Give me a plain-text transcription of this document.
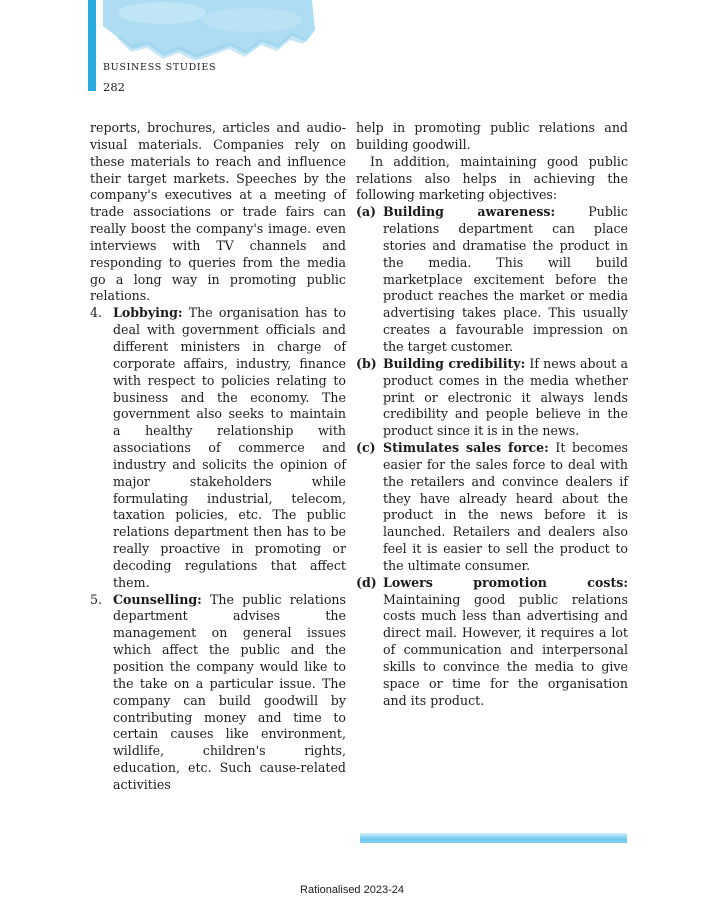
BUSINESS STUDIES
282

reports, brochures, articles and audio-visual materials. Companies rely on these materials to reach and influence their target markets. Speeches by the company's executives at a meeting of trade associations or trade fairs can really boost the company's image. even interviews with TV channels and responding to queries from the media go a long way in promoting public relations.

4. Lobbying: The organisation has to deal with government officials and different ministers in charge of corporate affairs, industry, finance with respect to policies relating to business and the economy. The government also seeks to maintain a healthy relationship with associations of commerce and industry and solicits the opinion of major stakeholders while formulating industrial, telecom, taxation policies, etc. The public relations department then has to be really proactive in promoting or decoding regulations that affect them.
5. Counselling: The public relations department advises the management on general issues which affect the public and the position the company would like to the take on a particular issue. The company can build goodwill by contributing money and time to certain causes like environment, wildlife, children's rights, education, etc. Such cause-related activities

help in promoting public relations and building goodwill.

In addition, maintaining good public relations also helps in achieving the following marketing objectives:

(a) Building awareness: Public relations department can place stories and dramatise the product in the media. This will build marketplace excitement before the product reaches the market or media advertising takes place. This usually creates a favourable impression on the target customer.
(b) Building credibility: If news about a product comes in the media whether print or electronic it always lends credibility and people believe in the product since it is in the news.
(c) Stimulates sales force: It becomes easier for the sales force to deal with the retailers and convince dealers if they have already heard about the product in the news before it is launched. Retailers and dealers also feel it is easier to sell the product to the ultimate consumer.
(d) Lowers promotion costs: Maintaining good public relations costs much less than advertising and direct mail. However, it requires a lot of communication and interpersonal skills to convince the media to give space or time for the organisation and its product.
Rationalised 2023-24
